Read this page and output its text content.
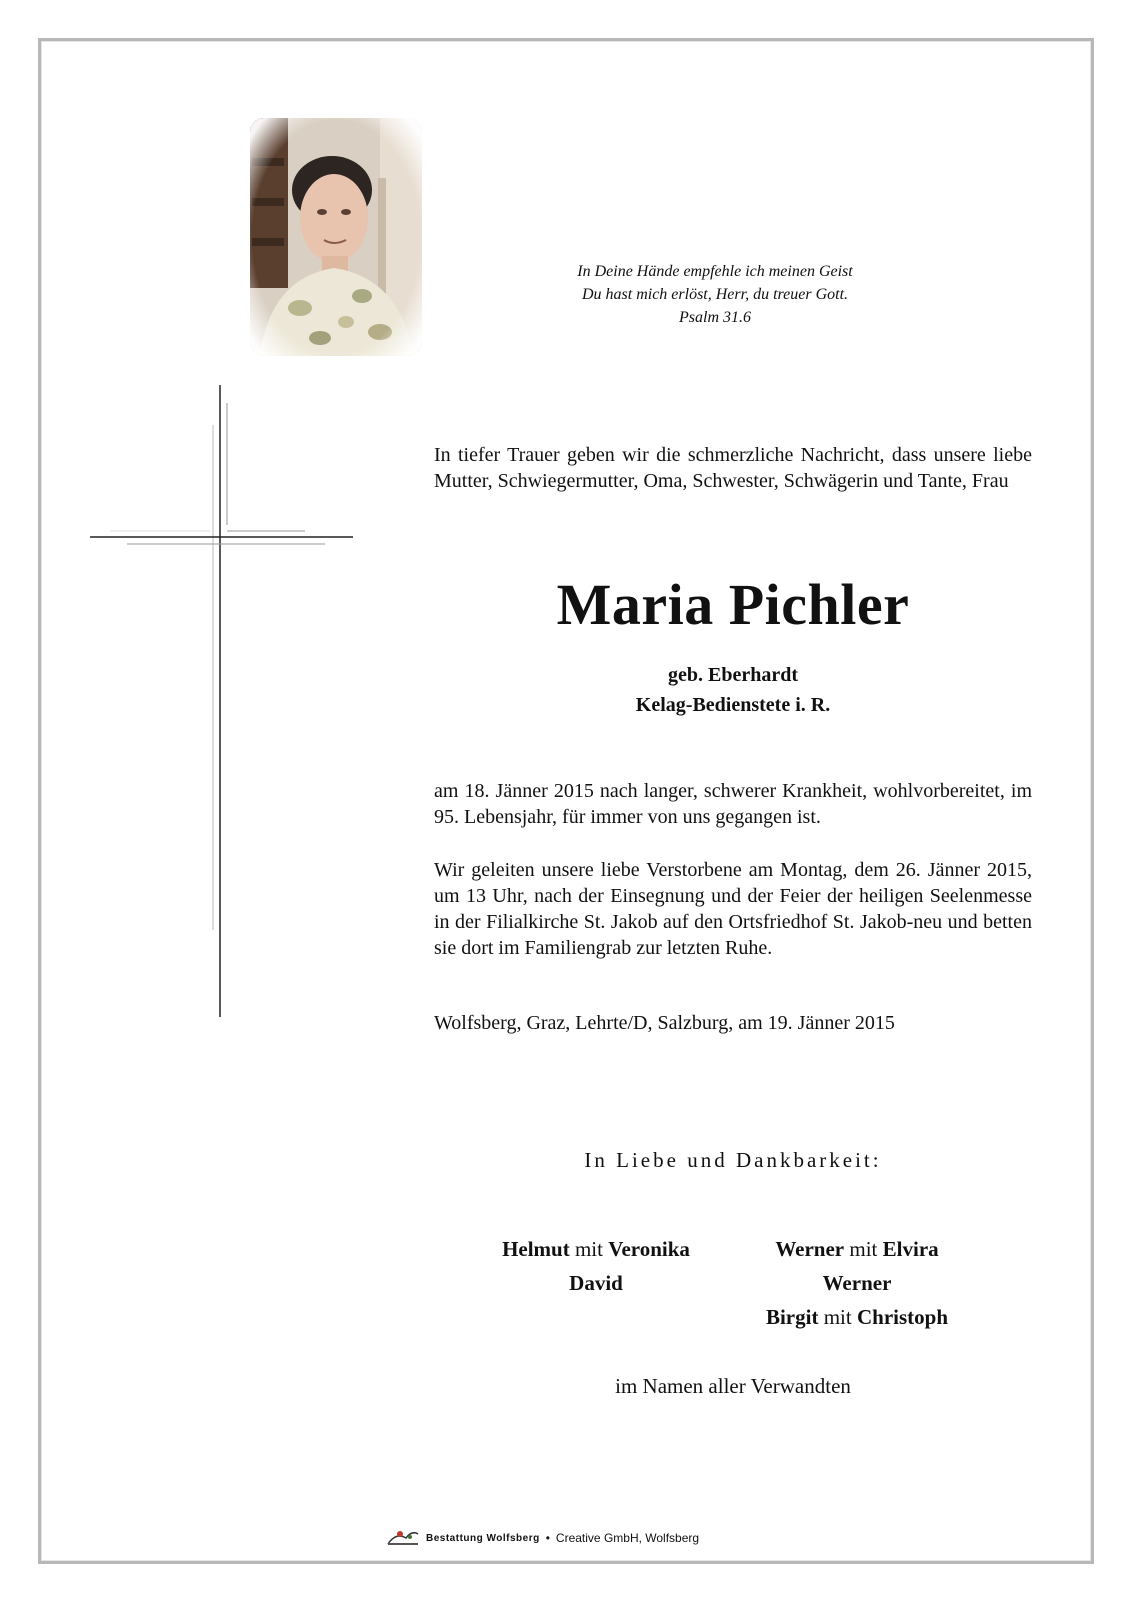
In Deine Hände empfehle ich meinen Geist
Du hast mich erlöst, Herr, du treuer Gott.
Psalm 31.6
In tiefer Trauer geben wir die schmerzliche Nachricht, dass unsere liebe Mutter, Schwiegermutter, Oma, Schwester, Schwägerin und Tante, Frau
Maria Pichler
geb. Eberhardt
Kelag-Bedienstete i. R.
am 18. Jänner 2015 nach langer, schwerer Krankheit, wohlvorbereitet, im 95. Lebensjahr, für immer von uns gegangen ist.
Wir geleiten unsere liebe Verstorbene am Montag, dem 26. Jänner 2015, um 13 Uhr, nach der Einsegnung und der Feier der heiligen Seelenmesse in der Filialkirche St. Jakob auf den Ortsfriedhof St. Jakob-neu und betten sie dort im Familiengrab zur letzten Ruhe.
Wolfsberg, Graz, Lehrte/D, Salzburg, am 19. Jänner 2015
In Liebe und Dankbarkeit:
Helmut mit Veronika
David
Werner mit Elvira
Werner
Birgit mit Christoph
im Namen aller Verwandten
Bestattung Wolfsberg • Creative GmbH, Wolfsberg
